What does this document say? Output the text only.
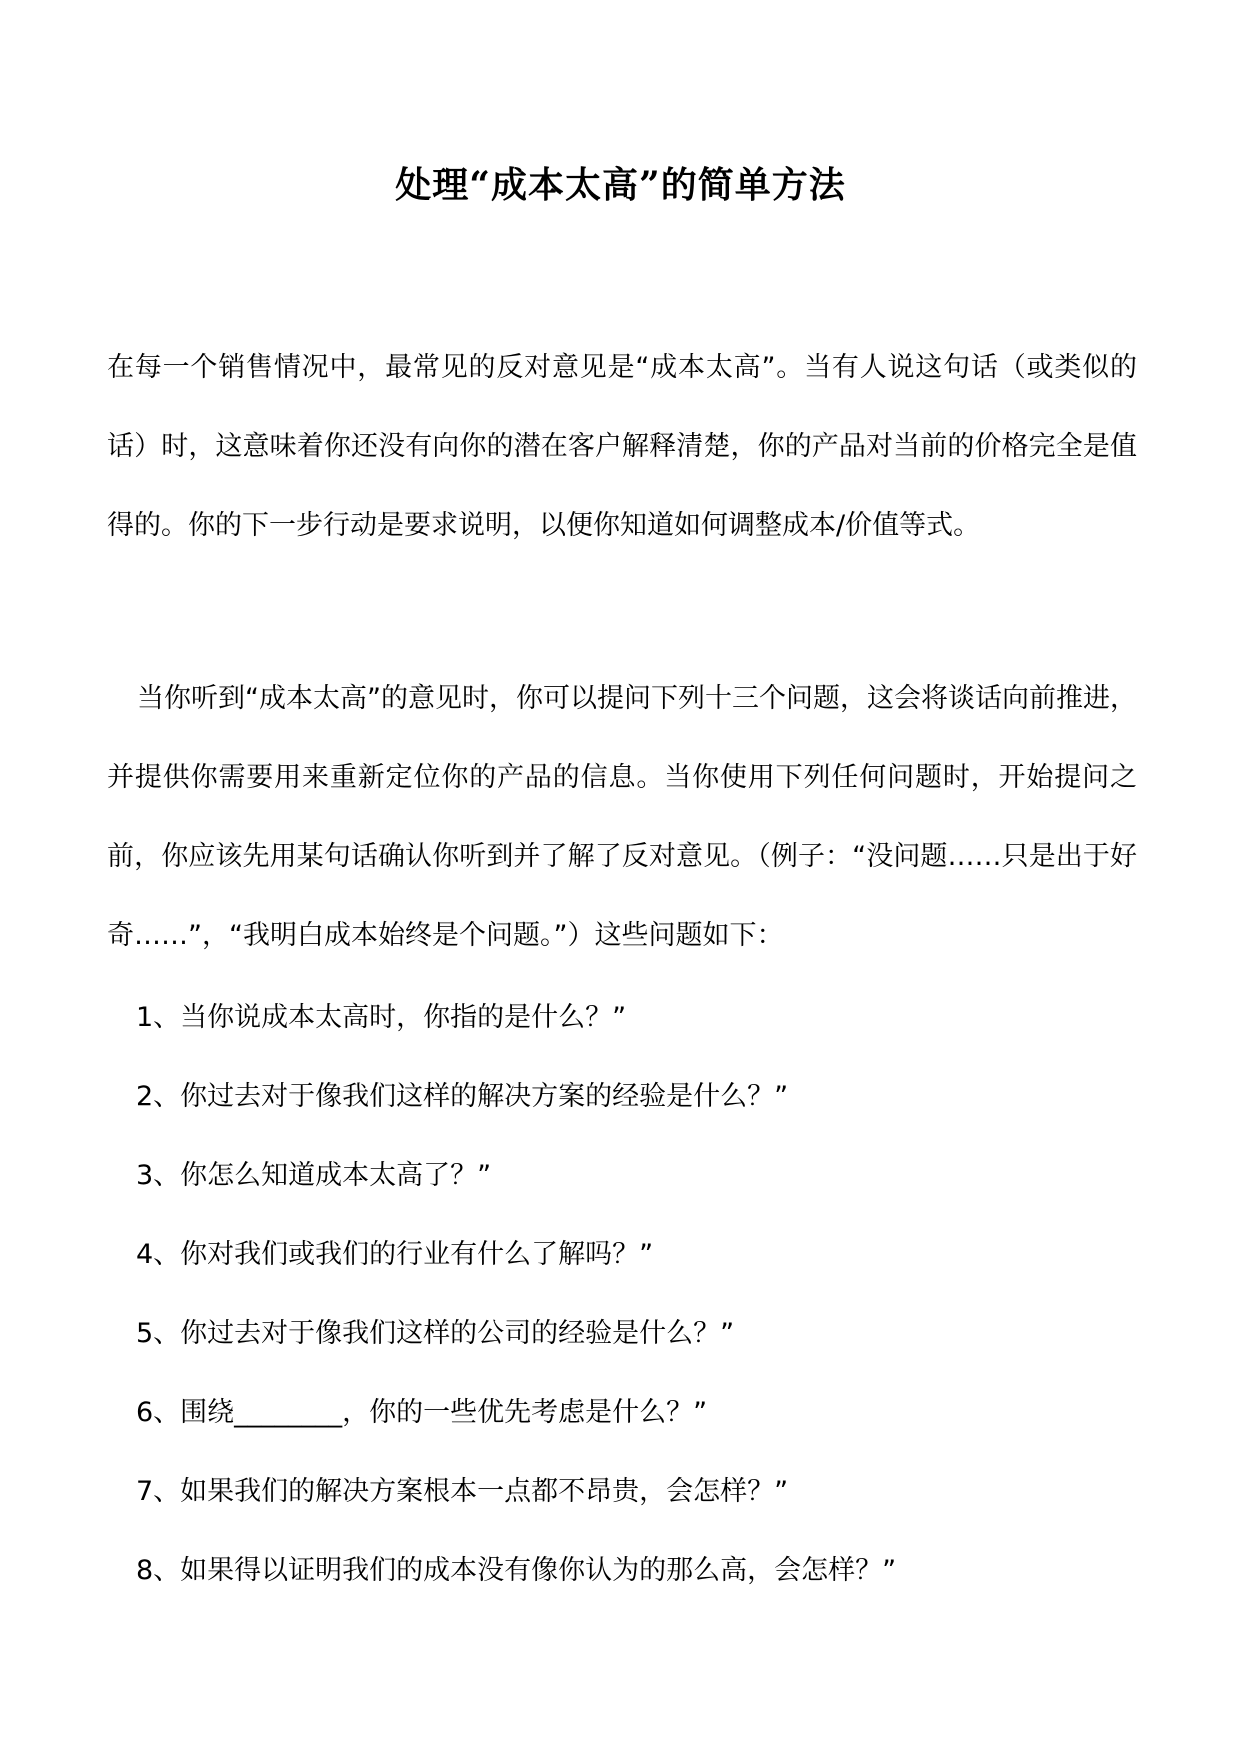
处理“成本太高”的简单方法

在每一个销售情况中，最常见的反对意见是“成本太高”。当有人说这句话（或类似的话）时，这意味着你还没有向你的潜在客户解释清楚，你的产品对当前的价格完全是值得的。你的下一步行动是要求说明，以便你知道如何调整成本/价值等式。

当你听到“成本太高”的意见时，你可以提问下列十三个问题，这会将谈话向前推进，并提供你需要用来重新定位你的产品的信息。当你使用下列任何问题时，开始提问之前，你应该先用某句话确认你听到并了解了反对意见。（例子：“没问题……只是出于好奇……”，“我明白成本始终是个问题。”）这些问题如下：

1、当你说成本太高时，你指的是什么？”
2、你过去对于像我们这样的解决方案的经验是什么？”
3、你怎么知道成本太高了？”
4、你对我们或我们的行业有什么了解吗？”
5、你过去对于像我们这样的公司的经验是什么？”
6、围绕________，你的一些优先考虑是什么？”
7、如果我们的解决方案根本一点都不昂贵，会怎样？”
8、如果得以证明我们的成本没有像你认为的那么高，会怎样？”
